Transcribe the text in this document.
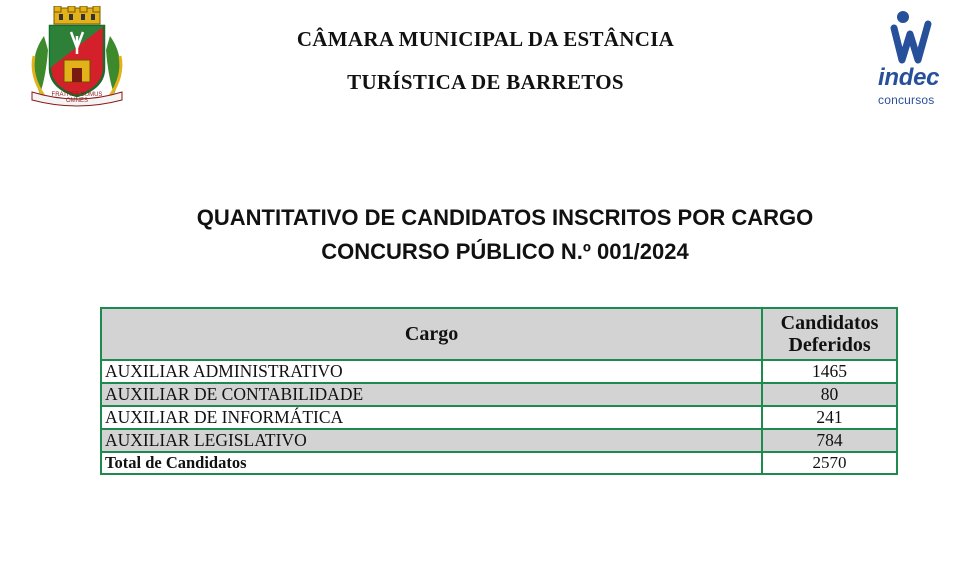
FRATRES SUMUS OMNES
CÂMARA MUNICIPAL DA ESTÂNCIA
TURÍSTICA DE BARRETOS	indec
concursos
QUANTITATIVO DE CANDIDATOS INSCRITOS POR CARGO
CONCURSO PÚBLICO N.º 001/2024
Cargo	Candidatos
Deferidos

AUXILIAR ADMINISTRATIVO	1465
AUXILIAR DE CONTABILIDADE	80
AUXILIAR DE INFORMÁTICA	241
AUXILIAR LEGISLATIVO	784
Total de Candidatos	2570
